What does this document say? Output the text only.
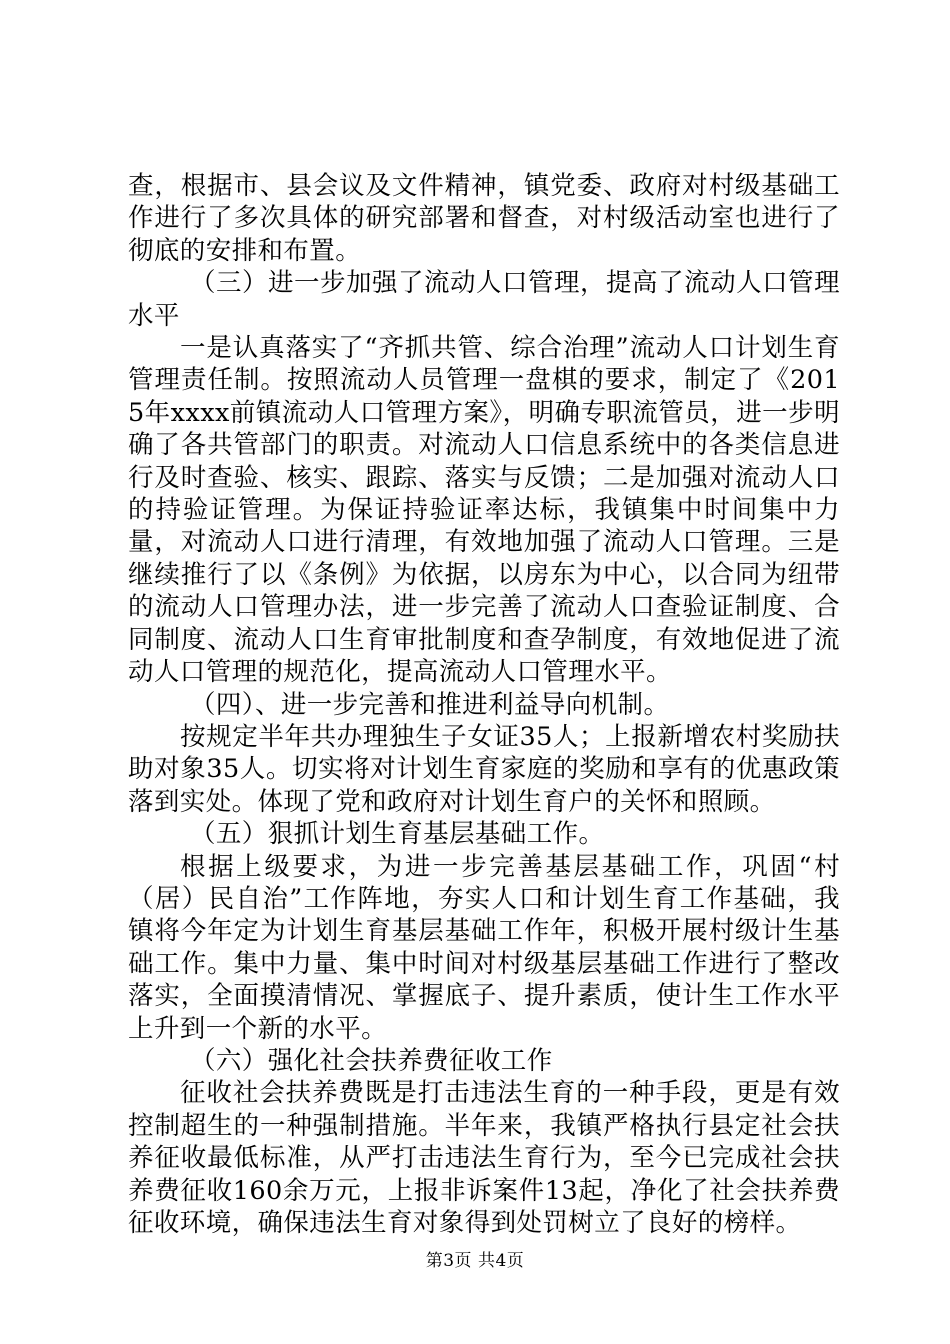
查，根据市、县会议及文件精神，镇党委、政府对村级基础工作进行了多次具体的研究部署和督查，对村级活动室也进行了彻底的安排和布置。

（三）进一步加强了流动人口管理，提高了流动人口管理水平

一是认真落实了“齐抓共管、综合治理”流动人口计划生育管理责任制。按照流动人员管理一盘棋的要求，制定了《2015年xxxx前镇流动人口管理方案》，明确专职流管员，进一步明确了各共管部门的职责。对流动人口信息系统中的各类信息进行及时查验、核实、跟踪、落实与反馈；二是加强对流动人口的持验证管理。为保证持验证率达标，我镇集中时间集中力量，对流动人口进行清理，有效地加强了流动人口管理。三是继续推行了以《条例》为依据，以房东为中心，以合同为纽带的流动人口管理办法，进一步完善了流动人口查验证制度、合同制度、流动人口生育审批制度和查孕制度，有效地促进了流动人口管理的规范化，提高流动人口管理水平。

（四）、进一步完善和推进利益导向机制。

按规定半年共办理独生子女证35人；上报新增农村奖励扶助对象35人。切实将对计划生育家庭的奖励和享有的优惠政策落到实处。体现了党和政府对计划生育户的关怀和照顾。

（五）狠抓计划生育基层基础工作。

根据上级要求，为进一步完善基层基础工作，巩固“村（居）民自治”工作阵地，夯实人口和计划生育工作基础，我镇将今年定为计划生育基层基础工作年，积极开展村级计生基础工作。集中力量、集中时间对村级基层基础工作进行了整改落实，全面摸清情况、掌握底子、提升素质，使计生工作水平上升到一个新的水平。

（六）强化社会扶养费征收工作

征收社会扶养费既是打击违法生育的一种手段，更是有效控制超生的一种强制措施。半年来，我镇严格执行县定社会扶养征收最低标准，从严打击违法生育行为，至今已完成社会扶养费征收160余万元，上报非诉案件13起，净化了社会扶养费征收环境，确保违法生育对象得到处罚树立了良好的榜样。

第3页 共4页
